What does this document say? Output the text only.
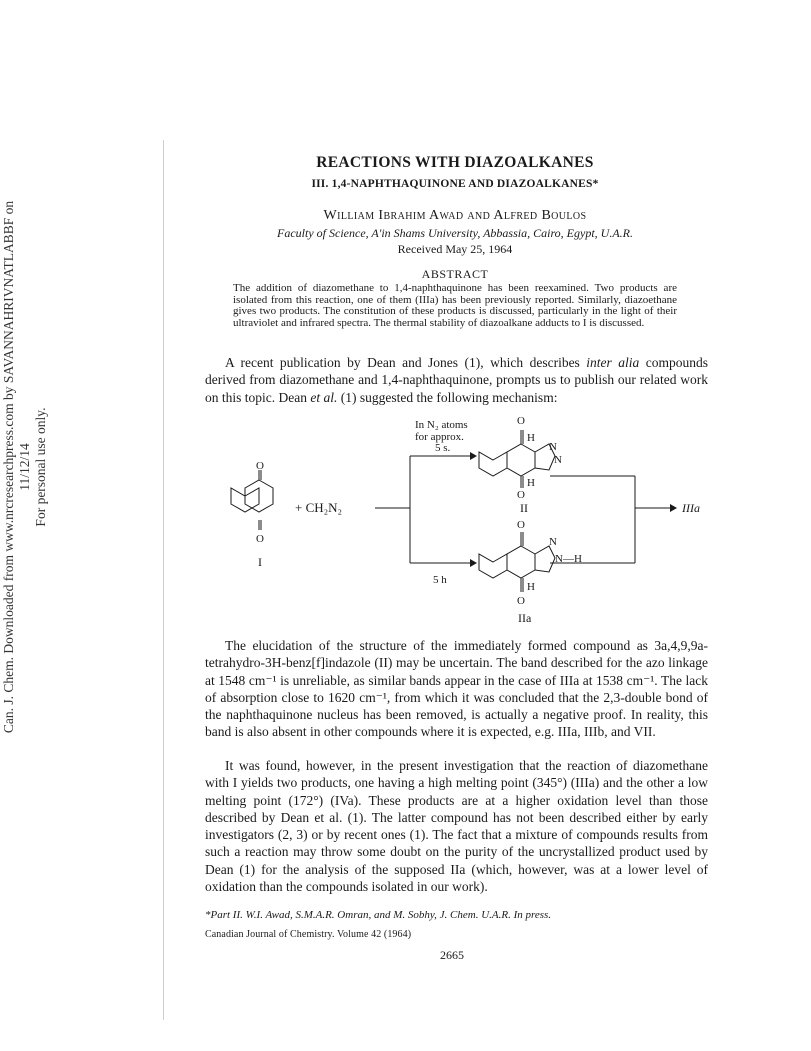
Can. J. Chem. Downloaded from www.nrcresearchpress.com by SAVANNAHRIVNATLABBF on 11/12/14 For personal use only.
REACTIONS WITH DIAZOALKANES
III. 1,4-NAPHTHAQUINONE AND DIAZOALKANES*
William Ibrahim Awad and Alfred Boulos
Faculty of Science, A'in Shams University, Abbassia, Cairo, Egypt, U.A.R.
Received May 25, 1964
ABSTRACT
The addition of diazomethane to 1,4-naphthaquinone has been reexamined. Two products are isolated from this reaction, one of them (IIIa) has been previously reported. Similarly, diazoethane gives two products. The constitution of these products is discussed, particularly in the light of their ultraviolet and infrared spectra. The thermal stability of diazoalkane adducts to I is discussed.
A recent publication by Dean and Jones (1), which describes inter alia compounds derived from diazomethane and 1,4-naphthaquinone, prompts us to publish our related work on this topic. Dean et al. (1) suggested the following mechanism:
O
O
I
+ CH₂N₂
In N₂ atoms
for approx.
5 s.
5 h
O
H
N
N
H
O
II
O
N
N—H
H
O
IIa
IIIa
The elucidation of the structure of the immediately formed compound as 3a,4,9,9a-tetrahydro-3H-benz[f]indazole (II) may be uncertain. The band described for the azo linkage at 1548 cm⁻¹ is unreliable, as similar bands appear in the case of IIIa at 1538 cm⁻¹. The lack of absorption close to 1620 cm⁻¹, from which it was concluded that the 2,3-double bond of the naphthaquinone nucleus has been removed, is actually a negative proof. In reality, this band is also absent in other compounds where it is expected, e.g. IIIa, IIIb, and VII.
It was found, however, in the present investigation that the reaction of diazomethane with I yields two products, one having a high melting point (345°) (IIIa) and the other a low melting point (172°) (IVa). These products are at a higher oxidation level than those described by Dean et al. (1). The latter compound has not been described either by early investigators (2, 3) or by recent ones (1). The fact that a mixture of compounds results from such a reaction may throw some doubt on the purity of the uncrystallized product used by Dean (1) for the analysis of the supposed IIa (which, however, was at a lower level of oxidation than the compounds isolated in our work).
*Part II. W.I. Awad, S.M.A.R. Omran, and M. Sobhy, J. Chem. U.A.R. In press.
Canadian Journal of Chemistry. Volume 42 (1964)
2665
